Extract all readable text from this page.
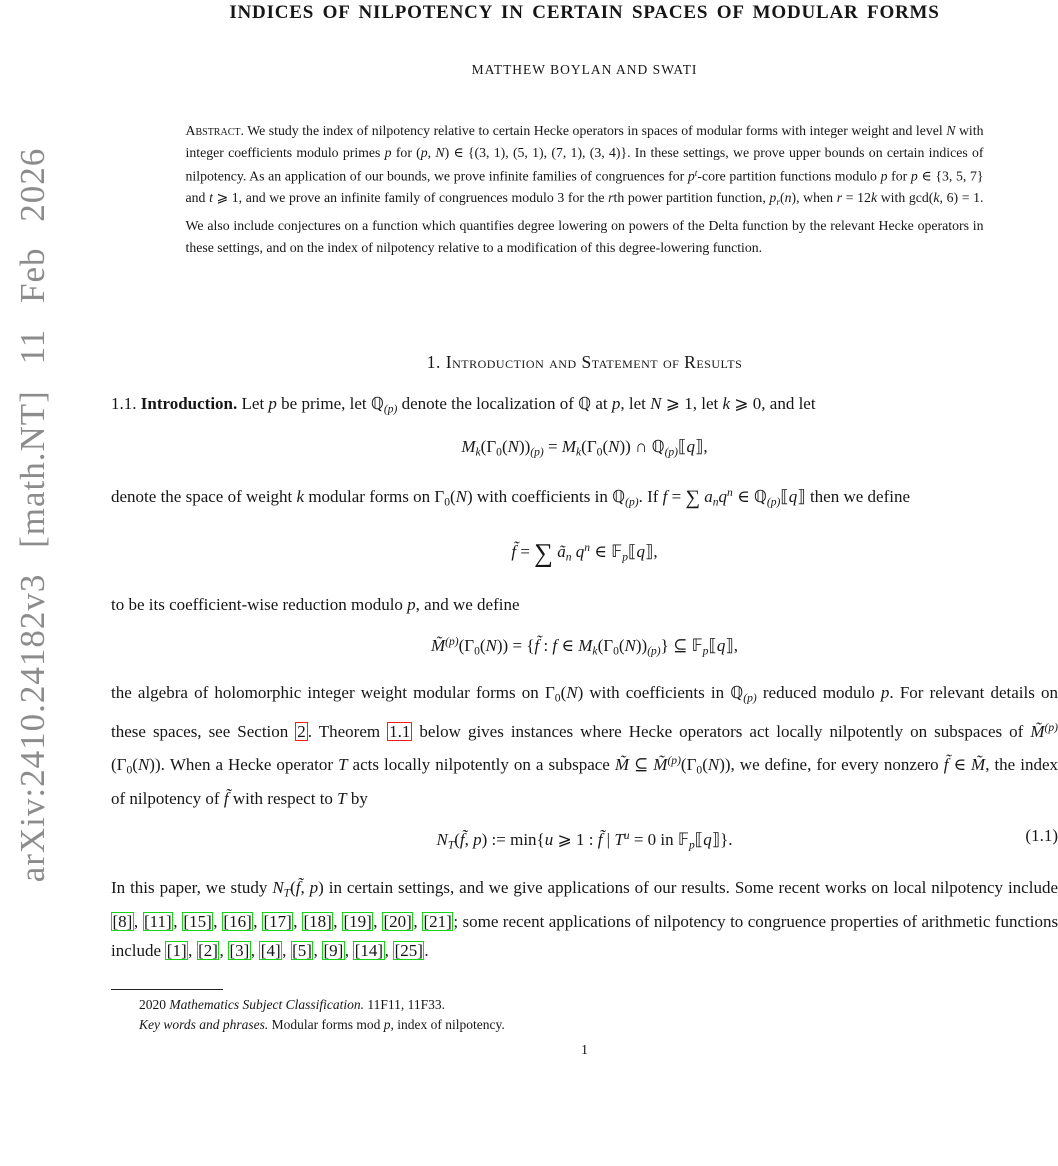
arXiv:2410.24182v3 [math.NT] 11 Feb 2026
INDICES OF NILPOTENCY IN CERTAIN SPACES OF MODULAR FORMS
MATTHEW BOYLAN AND SWATI
Abstract. We study the index of nilpotency relative to certain Hecke operators in spaces of modular forms with integer weight and level N with integer coefficients modulo primes p for (p, N) ∈ {(3, 1), (5, 1), (7, 1), (3, 4)}. In these settings, we prove upper bounds on certain indices of nilpotency. As an application of our bounds, we prove infinite families of congruences for $p^t$-core partition functions modulo p for p ∈ {3, 5, 7} and t ⩾ 1, and we prove an infinite family of congruences modulo 3 for the rth power partition function, $p_r(n)$, when r = 12k with gcd(k, 6) = 1. We also include conjectures on a function which quantifies degree lowering on powers of the Delta function by the relevant Hecke operators in these settings, and on the index of nilpotency relative to a modification of this degree-lowering function.
1. Introduction and Statement of Results

1.1. Introduction. Let p be prime, let ℚ$_{(p)}$ denote the localization of ℚ at p, let N ⩾ 1, let k ⩾ 0, and let

$M_k(\Gamma_0(N))_{(p)} = M_k(\Gamma_0(N))$ ∩ ℚ$_{(p)}$⟦q⟧,

denote the space of weight k modular forms on $\Gamma_0(N)$ with coefficients in ℚ$_{(p)}$. If f = ∑ $a_nq^n$ ∈ ℚ$_{(p)}$⟦q⟧ then we define

f̃ = ∑ $ã_n$ $q^n$ ∈ 𝔽$_p$⟦q⟧,

to be its coefficient-wise reduction modulo p, and we define

$M̃^{(p)}(\Gamma_0(N))$ = {f̃ : f ∈ $M_k(\Gamma_0(N))_{(p)}$} ⊆ 𝔽$_p$⟦q⟧,

the algebra of holomorphic integer weight modular forms on $\Gamma_0(N)$ with coefficients in ℚ$_{(p)}$ reduced modulo p. For relevant details on these spaces, see Section 2 . Theorem 1.1 below gives instances where Hecke operators act locally nilpotently on subspaces of $M̃^{(p)}(\Gamma_0(N))$. When a Hecke operator T acts locally nilpotently on a subspace M̃ ⊆ $M̃^{(p)}(\Gamma_0(N))$, we define, for every nonzero f̃ ∈ M̃, the index of nilpotency of f̃ with respect to T by

$N_T(f̃$, p) := min{u ⩾ 1 : f̃ | $T^u = 0$ in 𝔽$_p$⟦q⟧}.	(1.1)

In this paper, we study $N_T(f̃$, p) in certain settings, and we give applications of our results. Some recent works on local nilpotency include [8], [11], [15], [16], [17], [18], [19], [20], [21]; some recent applications of nilpotency to congruence properties of arithmetic functions include [1], [2], [3], [4], [5], [9], [14], [25].

2020 Mathematics Subject Classification. 11F11, 11F33.
Key words and phrases. Modular forms mod p, index of nilpotency.
1
